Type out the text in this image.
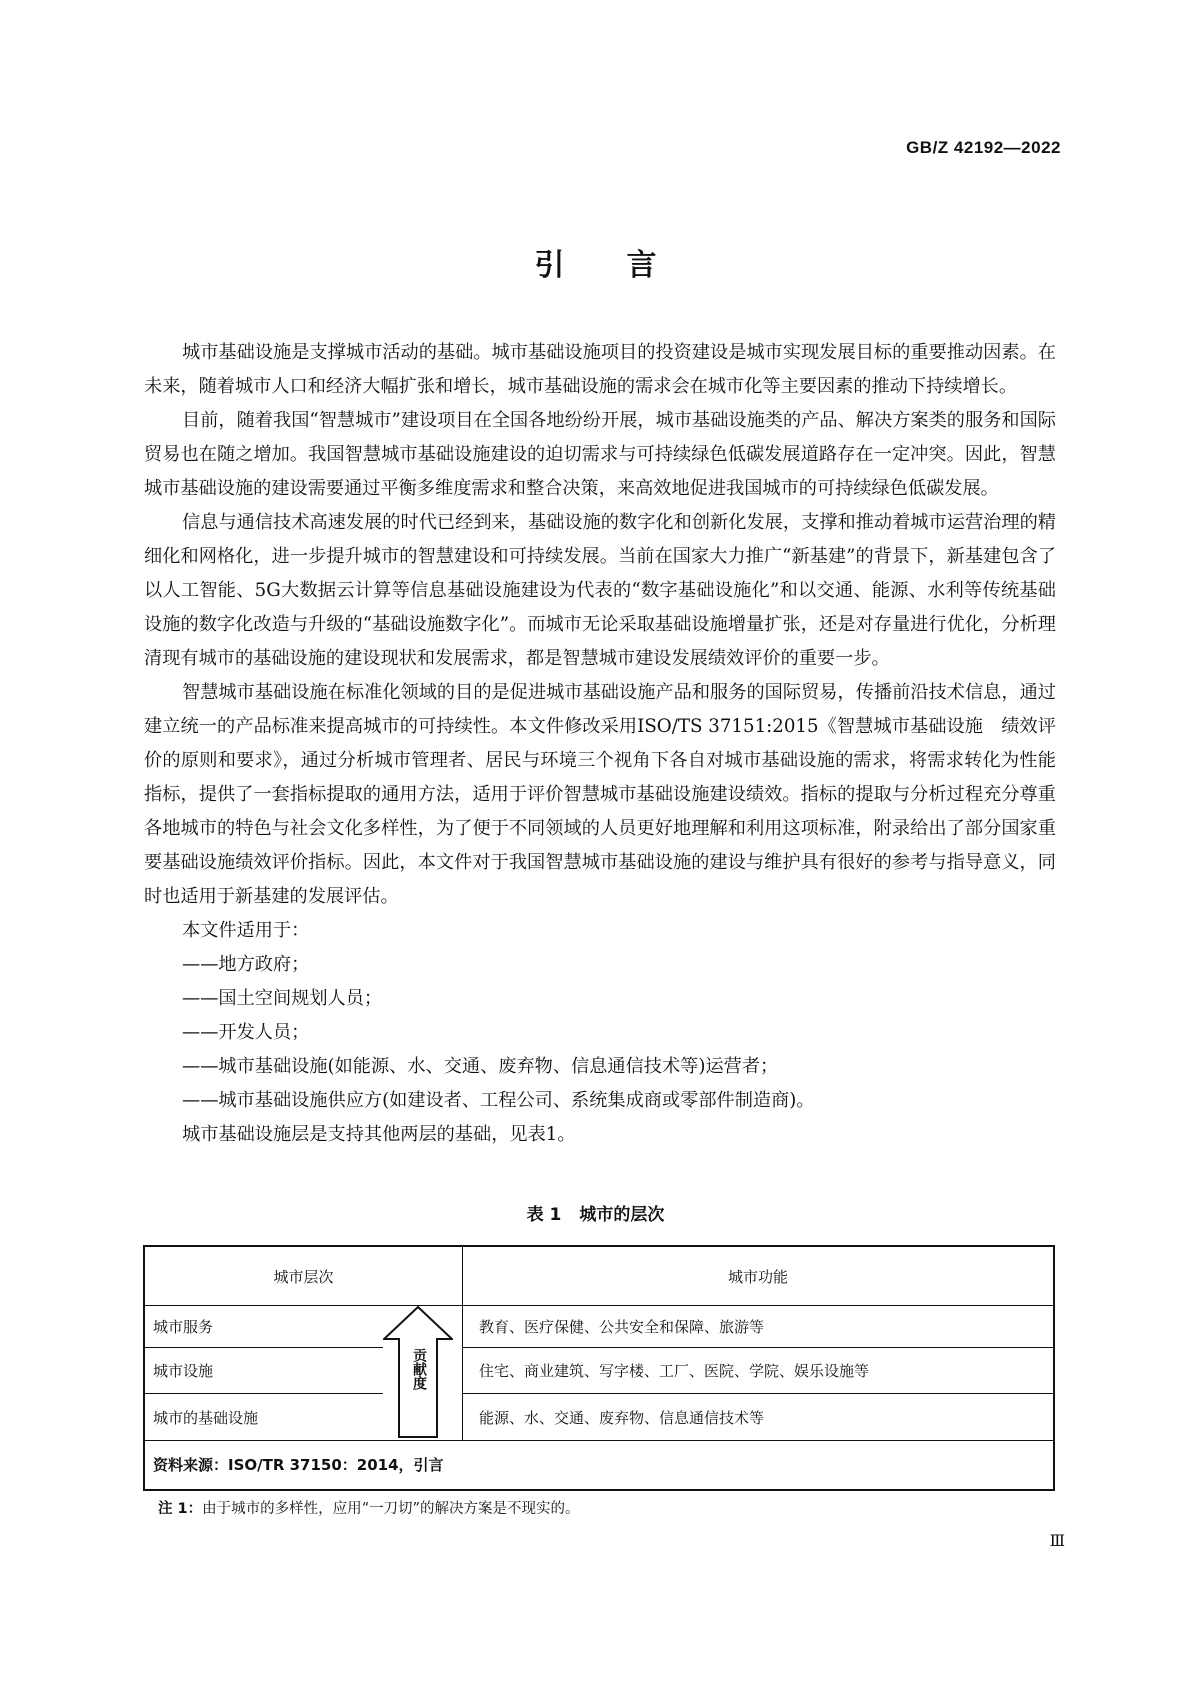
GB/Z 42192—2022
引言

城市基础设施是支撑城市活动的基础。城市基础设施项目的投资建设是城市实现发展目标的重要推动因素。在未来，随着城市人口和经济大幅扩张和增长，城市基础设施的需求会在城市化等主要因素的推动下持续增长。

目前，随着我国“智慧城市”建设项目在全国各地纷纷开展，城市基础设施类的产品、解决方案类的服务和国际贸易也在随之增加。我国智慧城市基础设施建设的迫切需求与可持续绿色低碳发展道路存在一定冲突。因此，智慧城市基础设施的建设需要通过平衡多维度需求和整合决策，来高效地促进我国城市的可持续绿色低碳发展。

信息与通信技术高速发展的时代已经到来，基础设施的数字化和创新化发展，支撑和推动着城市运营治理的精细化和网格化，进一步提升城市的智慧建设和可持续发展。当前在国家大力推广“新基建”的背景下，新基建包含了以人工智能、5G大数据云计算等信息基础设施建设为代表的“数字基础设施化”和以交通、能源、水利等传统基础设施的数字化改造与升级的“基础设施数字化”。而城市无论采取基础设施增量扩张，还是对存量进行优化，分析理清现有城市的基础设施的建设现状和发展需求，都是智慧城市建设发展绩效评价的重要一步。

智慧城市基础设施在标准化领域的目的是促进城市基础设施产品和服务的国际贸易，传播前沿技术信息，通过建立统一的产品标准来提高城市的可持续性。本文件修改采用ISO/TS 37151:2015《智慧城市基础设施　绩效评价的原则和要求》，通过分析城市管理者、居民与环境三个视角下各自对城市基础设施的需求，将需求转化为性能指标，提供了一套指标提取的通用方法，适用于评价智慧城市基础设施建设绩效。指标的提取与分析过程充分尊重各地城市的特色与社会文化多样性，为了便于不同领域的人员更好地理解和利用这项标准，附录给出了部分国家重要基础设施绩效评价指标。因此，本文件对于我国智慧城市基础设施的建设与维护具有很好的参考与指导意义，同时也适用于新基建的发展评估。

本文件适用于：

——地方政府；

——国土空间规划人员；

——开发人员；

——城市基础设施(如能源、水、交通、废弃物、信息通信技术等)运营者；

——城市基础设施供应方(如建设者、工程公司、系统集成商或零部件制造商)。

城市基础设施层是支持其他两层的基础，见表1。

表 1 城市的层次
城市层次	城市功能
城市服务	教育、医疗保健、公共安全和保障、旅游等
城市设施	住宅、商业建筑、写字楼、工厂、医院、学院、娱乐设施等
城市的基础设施	能源、水、交通、废弃物、信息通信技术等
贡献度
资料来源：ISO/TR 37150：2014，引言
注 1：由于城市的多样性，应用“一刀切”的解决方案是不现实的。
Ⅲ
